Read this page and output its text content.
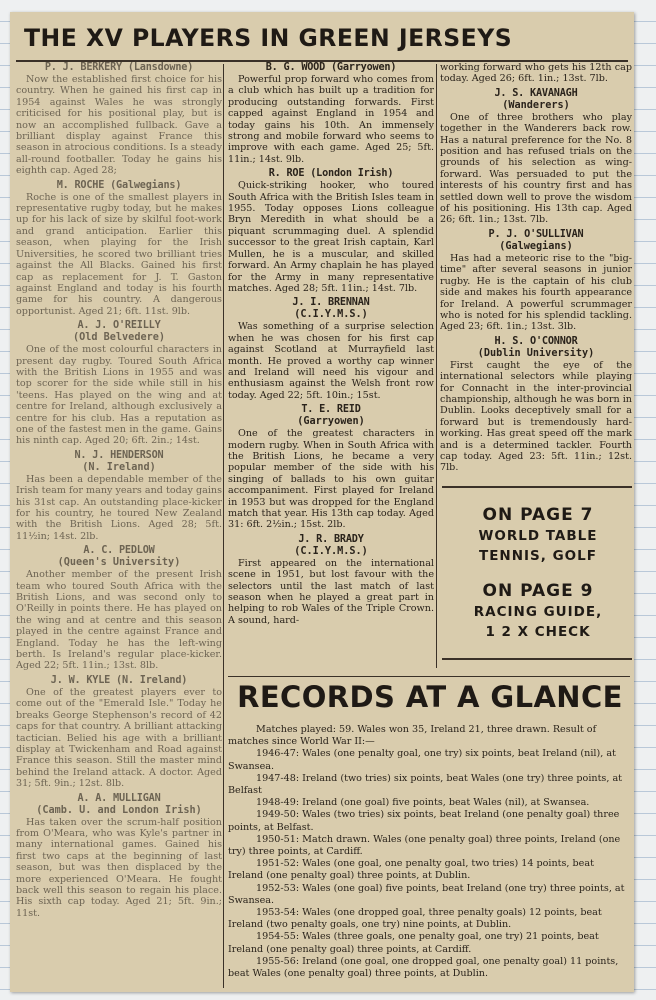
THE XV PLAYERS IN GREEN JERSEYS
P. J. BERKERY (Lansdowne)
Now the established first choice for his country. When he gained his first cap in 1954 against Wales he was strongly criticised for his positional play, but is now an accomplished fullback. Gave a brilliant display against France this season in atrocious conditions. Is a steady all-round footballer. Today he gains his eighth cap. Aged 28;
M. ROCHE (Galwegians)
Roche is one of the smallest players in representative rugby today, but he makes up for his lack of size by skilful foot-work and grand anticipation. Earlier this season, when playing for the Irish Universities, he scored two brilliant tries against the All Blacks. Gained his first cap as replacement for J. T. Gaston against England and today is his fourth game for his country. A dangerous opportunist. Aged 21; 6ft. 11st. 9lb.
A. J. O'REILLY
(Old Belvedere)
One of the most colourful characters in present day rugby. Toured South Africa with the British Lions in 1955 and was top scorer for the side while still in his 'teens. Has played on the wing and at centre for Ireland, although exclusively a centre for his club. Has a reputation as one of the fastest men in the game. Gains his ninth cap. Aged 20; 6ft. 2in.; 14st.
N. J. HENDERSON
(N. Ireland)
Has been a dependable member of the Irish team for many years and today gains his 31st cap. An outstanding place-kicker for his country, he toured New Zealand with the British Lions. Aged 28; 5ft. 11½in; 14st. 2lb.
A. C. PEDLOW
(Queen's University)
Another member of the present Irish team who toured South Africa with the British Lions, and was second only to O'Reilly in points there. He has played on the wing and at centre and this season played in the centre against France and England. Today he has the left-wing berth. Is Ireland's regular place-kicker. Aged 22; 5ft. 11in.; 13st. 8lb.
J. W. KYLE (N. Ireland)
One of the greatest players ever to come out of the "Emerald Isle." Today he breaks George Stephenson's record of 42 caps for that country. A brilliant attacking tactician. Belied his age with a brilliant display at Twickenham and Road against France this season. Still the master mind behind the Ireland attack. A doctor. Aged 31; 5ft. 9in.; 12st. 8lb.
A. A. MULLIGAN
(Camb. U. and London Irish)
Has taken over the scrum-half position from O'Meara, who was Kyle's partner in many international games. Gained his first two caps at the beginning of last season, but was then displaced by the more experienced O'Meara. He fought back well this season to regain his place. His sixth cap today. Aged 21; 5ft. 9in.; 11st.
B. G. WOOD (Garryowen)
Powerful prop forward who comes from a club which has built up a tradition for producing outstanding forwards. First capped against England in 1954 and today gains his 10th. An immensely strong and mobile forward who seems to improve with each game. Aged 25; 5ft. 11in.; 14st. 9lb.
R. ROE (London Irish)
Quick-striking hooker, who toured South Africa with the British Isles team in 1955. Today opposes Lions colleague Bryn Meredith in what should be a piquant scrummaging duel. A splendid successor to the great Irish captain, Karl Mullen, he is a muscular, and skilled forward. An Army chaplain he has played for the Army in many representative matches. Aged 28; 5ft. 11in.; 14st. 7lb.
J. I. BRENNAN
(C.I.Y.M.S.)
Was something of a surprise selection when he was chosen for his first cap against Scotland at Murrayfield last month. He proved a worthy cap winner and Ireland will need his vigour and enthusiasm against the Welsh front row today. Aged 22; 5ft. 10in.; 15st.
T. E. REID
(Garryowen)
One of the greatest characters in modern rugby. When in South Africa with the British Lions, he became a very popular member of the side with his singing of ballads to his own guitar accompaniment. First played for Ireland in 1953 but was dropped for the England match that year. His 13th cap today. Aged 31: 6ft. 2½in.; 15st. 2lb.
J. R. BRADY
(C.I.Y.M.S.)
First appeared on the international scene in 1951, but lost favour with the selectors until the last match of last season when he played a great part in helping to rob Wales of the Triple Crown. A sound, hard-
working forward who gets his 12th cap today. Aged 26; 6ft. 1in.; 13st. 7lb.
J. S. KAVANAGH
(Wanderers)
One of three brothers who play together in the Wanderers back row. Has a natural preference for the No. 8 position and has refused trials on the grounds of his selection as wing-forward. Was persuaded to put the interests of his country first and has settled down well to prove the wisdom of his positioning. His 13th cap. Aged 26; 6ft. 1in.; 13st. 7lb.
P. J. O'SULLIVAN
(Galwegians)
Has had a meteoric rise to the "big-time" after several seasons in junior rugby. He is the captain of his club side and makes his fourth appearance for Ireland. A powerful scrummager who is noted for his splendid tackling. Aged 23; 6ft. 1in.; 13st. 3lb.
H. S. O'CONNOR
(Dublin University)
First caught the eye of the international selectors while playing for Connacht in the inter-provincial championship, although he was born in Dublin. Looks deceptively small for a forward but is tremendously hard-working. Has great speed off the mark and is a determined tackler. Fourth cap today. Aged 23: 5ft. 11in.; 12st. 7lb.
ON PAGE 7
WORLD TABLE
TENNIS, GOLF
ON PAGE 9
RACING GUIDE,
1 2 X CHECK
RECORDS AT A GLANCE
Matches played: 59. Wales won 35, Ireland 21, three drawn. Result of matches since World War II:—
1946-47: Wales (one penalty goal, one try) six points, beat Ireland (nil), at Swansea.
1947-48: Ireland (two tries) six points, beat Wales (one try) three points, at Belfast
1948-49: Ireland (one goal) five points, beat Wales (nil), at Swansea.
1949-50: Wales (two tries) six points, beat Ireland (one penalty goal) three points, at Belfast.
1950-51: Match drawn. Wales (one penalty goal) three points, Ireland (one try) three points, at Cardiff.
1951-52: Wales (one goal, one penalty goal, two tries) 14 points, beat Ireland (one penalty goal) three points, at Dublin.
1952-53: Wales (one goal) five points, beat Ireland (one try) three points, at Swansea.
1953-54: Wales (one dropped goal, three penalty goals) 12 points, beat Ireland (two penalty goals, one try) nine points, at Dublin.
1954-55: Wales (three goals, one penalty goal, one try) 21 points, beat Ireland (one penalty goal) three points, at Cardiff.
1955-56: Ireland (one goal, one dropped goal, one penalty goal) 11 points, beat Wales (one penalty goal) three points, at Dublin.
